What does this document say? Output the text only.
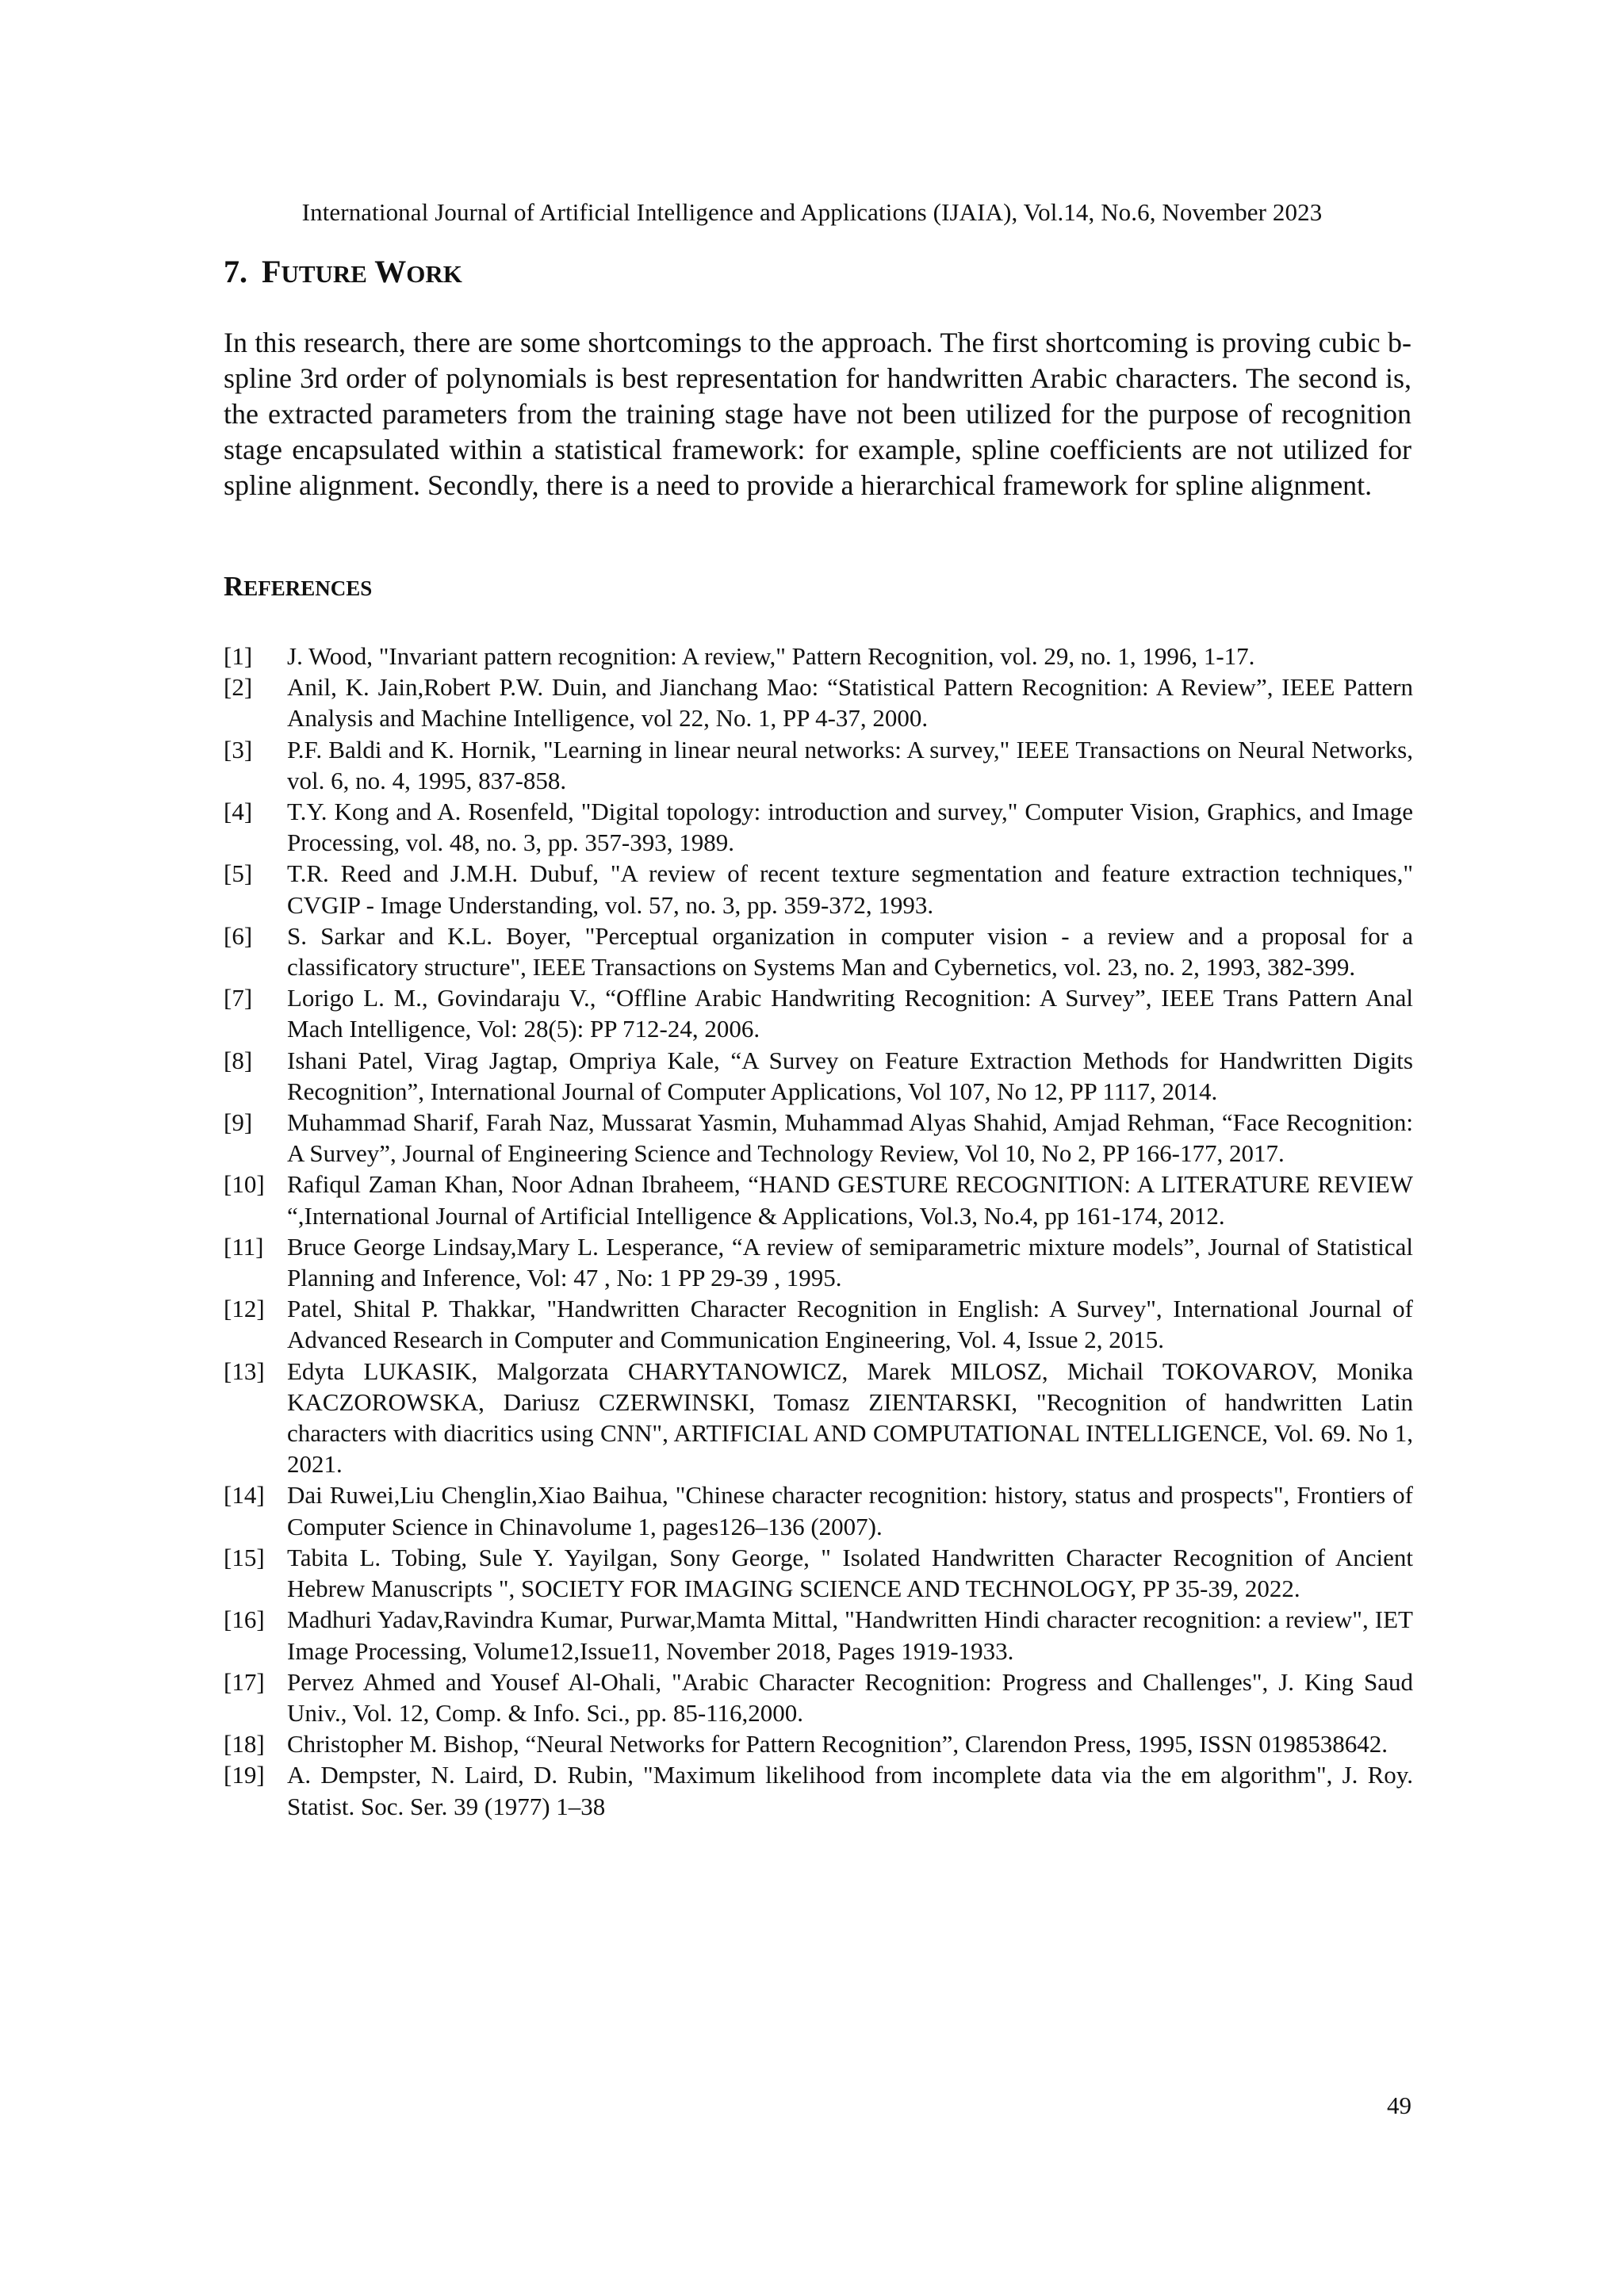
International Journal of Artificial Intelligence and Applications (IJAIA), Vol.14, No.6, November 2023
7. FUTURE WORK

In this research, there are some shortcomings to the approach. The first shortcoming is proving cubic b-spline 3rd order of polynomials is best representation for handwritten Arabic characters. The second is, the extracted parameters from the training stage have not been utilized for the purpose of recognition stage encapsulated within a statistical framework: for example, spline coefficients are not utilized for spline alignment. Secondly, there is a need to provide a hierarchical framework for spline alignment.

REFERENCES
[1]	J. Wood, "Invariant pattern recognition: A review," Pattern Recognition, vol. 29, no. 1, 1996, 1-17.
[2]	Anil, K. Jain,Robert P.W. Duin, and Jianchang Mao: “Statistical Pattern Recognition: A Review”, IEEE Pattern Analysis and Machine Intelligence, vol 22, No. 1, PP 4-37, 2000.
[3]	P.F. Baldi and K. Hornik, "Learning in linear neural networks: A survey," IEEE Transactions on Neural Networks, vol. 6, no. 4, 1995, 837-858.
[4]	T.Y. Kong and A. Rosenfeld, "Digital topology: introduction and survey," Computer Vision, Graphics, and Image Processing, vol. 48, no. 3, pp. 357-393, 1989.
[5]	T.R. Reed and J.M.H. Dubuf, "A review of recent texture segmentation and feature extraction techniques," CVGIP - Image Understanding, vol. 57, no. 3, pp. 359-372, 1993.
[6]	S. Sarkar and K.L. Boyer, "Perceptual organization in computer vision - a review and a proposal for a classificatory structure", IEEE Transactions on Systems Man and Cybernetics, vol. 23, no. 2, 1993, 382-399.
[7]	Lorigo L. M., Govindaraju V., “Offline Arabic Handwriting Recognition: A Survey”, IEEE Trans Pattern Anal Mach Intelligence, Vol: 28(5): PP 712-24, 2006.
[8]	Ishani Patel, Virag Jagtap, Ompriya Kale, “A Survey on Feature Extraction Methods for Handwritten Digits Recognition”, International Journal of Computer Applications, Vol 107, No 12, PP 1117, 2014.
[9]	Muhammad Sharif, Farah Naz, Mussarat Yasmin, Muhammad Alyas Shahid, Amjad Rehman, “Face Recognition: A Survey”, Journal of Engineering Science and Technology Review, Vol 10, No 2, PP 166-177, 2017.
[10] Rafiqul Zaman Khan, Noor Adnan Ibraheem, “HAND GESTURE RECOGNITION: A LITERATURE REVIEW “,International Journal of Artificial Intelligence & Applications, Vol.3, No.4, pp 161-174, 2012.
[11] Bruce George Lindsay,Mary L. Lesperance, “A review of semiparametric mixture models”, Journal of Statistical Planning and Inference, Vol: 47 , No: 1 PP 29-39 , 1995.
[12] Patel, Shital P. Thakkar, "Handwritten Character Recognition in English: A Survey", International Journal of Advanced Research in Computer and Communication Engineering, Vol. 4, Issue 2, 2015.
[13] Edyta LUKASIK, Malgorzata CHARYTANOWICZ, Marek MILOSZ, Michail TOKOVAROV, Monika KACZOROWSKA, Dariusz CZERWINSKI, Tomasz ZIENTARSKI, "Recognition of handwritten Latin characters with diacritics using CNN", ARTIFICIAL AND COMPUTATIONAL INTELLIGENCE, Vol. 69. No 1, 2021.
[14] Dai Ruwei,Liu Chenglin,Xiao Baihua, "Chinese character recognition: history, status and prospects", Frontiers of Computer Science in Chinavolume 1, pages126–136 (2007).
[15] Tabita L. Tobing, Sule Y. Yayilgan, Sony George, " Isolated Handwritten Character Recognition of Ancient Hebrew Manuscripts ", SOCIETY FOR IMAGING SCIENCE AND TECHNOLOGY, PP 35-39, 2022.
[16] Madhuri Yadav,Ravindra Kumar, Purwar,Mamta Mittal, "Handwritten Hindi character recognition: a review", IET Image Processing, Volume12,Issue11, November 2018, Pages 1919-1933.
[17] Pervez Ahmed and Yousef Al-Ohali, "Arabic Character Recognition: Progress and Challenges", J. King Saud Univ., Vol. 12, Comp. & Info. Sci., pp. 85-116,2000.
[18] Christopher M. Bishop, “Neural Networks for Pattern Recognition”, Clarendon Press, 1995, ISSN 0198538642.
[19] A. Dempster, N. Laird, D. Rubin, "Maximum likelihood from incomplete data via the em algorithm", J. Roy. Statist. Soc. Ser. 39 (1977) 1–38
49
